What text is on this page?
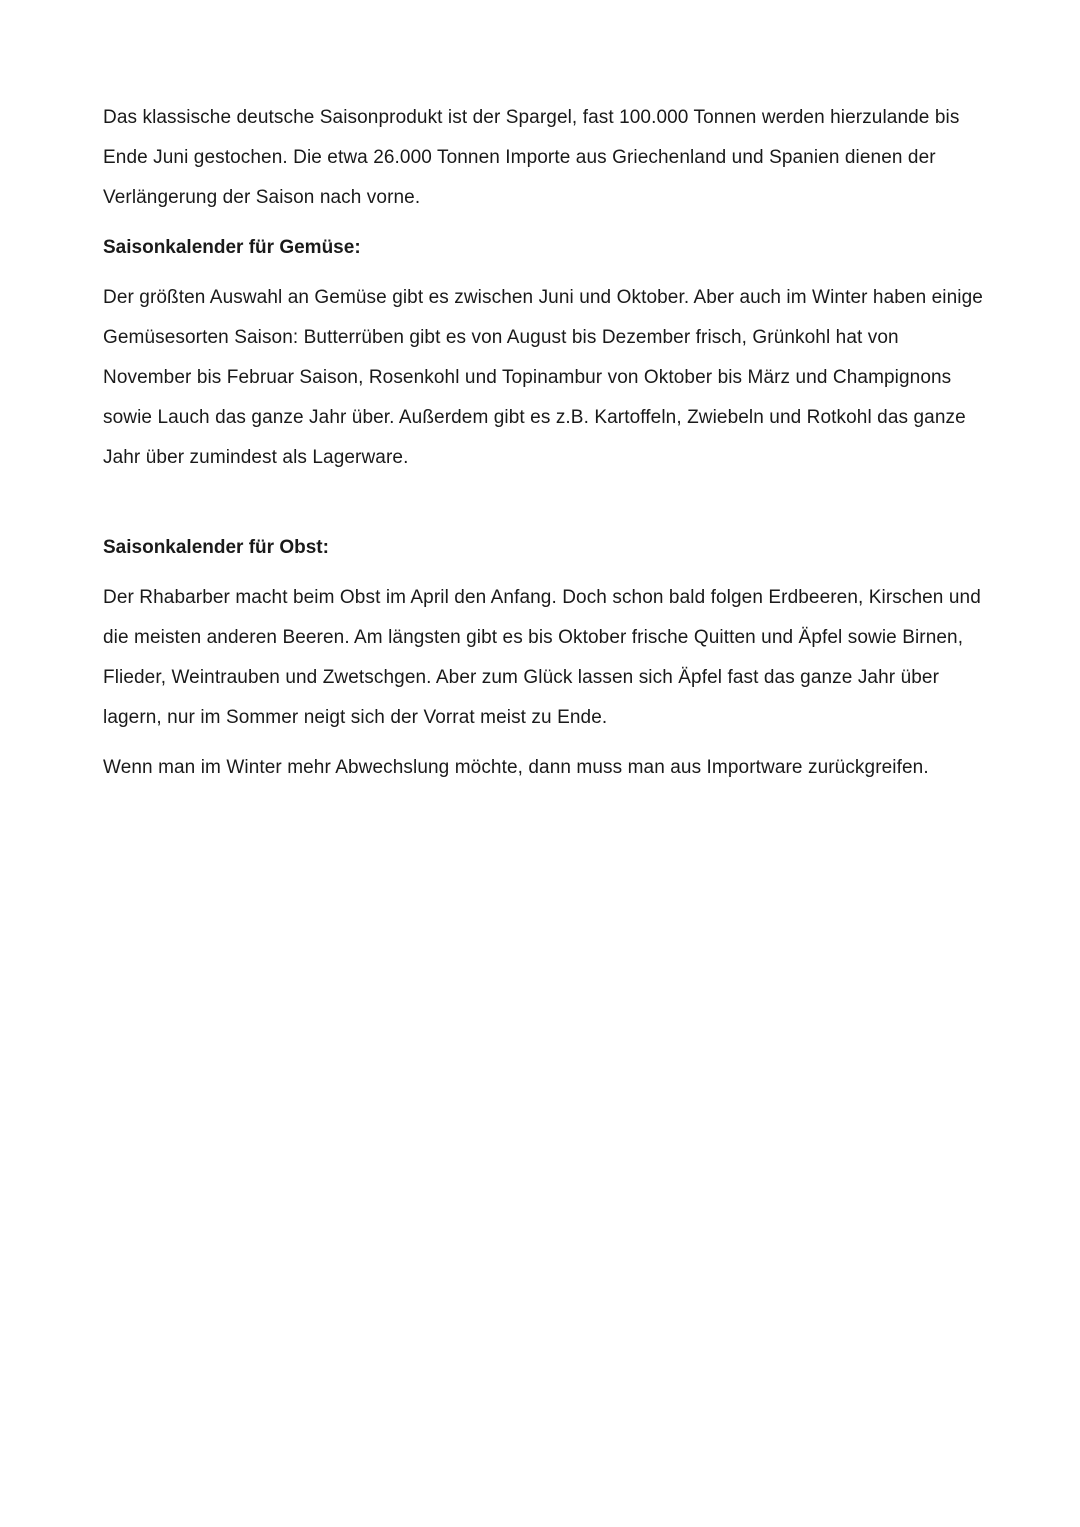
Das klassische deutsche Saisonprodukt ist der Spargel, fast 100.000 Tonnen werden hierzulande bis Ende Juni gestochen. Die etwa 26.000 Tonnen Importe aus Griechenland und Spanien dienen der Verlängerung der Saison nach vorne.

Saisonkalender für Gemüse:

Der größten Auswahl an Gemüse gibt es zwischen Juni und Oktober. Aber auch im Winter haben einige Gemüsesorten Saison: Butterrüben gibt es von August bis Dezember frisch, Grünkohl hat von November bis Februar Saison, Rosenkohl und Topinambur von Oktober bis März und Champignons sowie Lauch das ganze Jahr über. Außerdem gibt es z.B. Kartoffeln, Zwiebeln und Rotkohl das ganze Jahr über zumindest als Lagerware.

Saisonkalender für Obst:

Der Rhabarber macht beim Obst im April den Anfang. Doch schon bald folgen Erdbeeren, Kirschen und die meisten anderen Beeren. Am längsten gibt es bis Oktober frische Quitten und Äpfel sowie Birnen, Flieder, Weintrauben und Zwetschgen. Aber zum Glück lassen sich Äpfel fast das ganze Jahr über lagern, nur im Sommer neigt sich der Vorrat meist zu Ende.

Wenn man im Winter mehr Abwechslung möchte, dann muss man aus Importware zurückgreifen.
